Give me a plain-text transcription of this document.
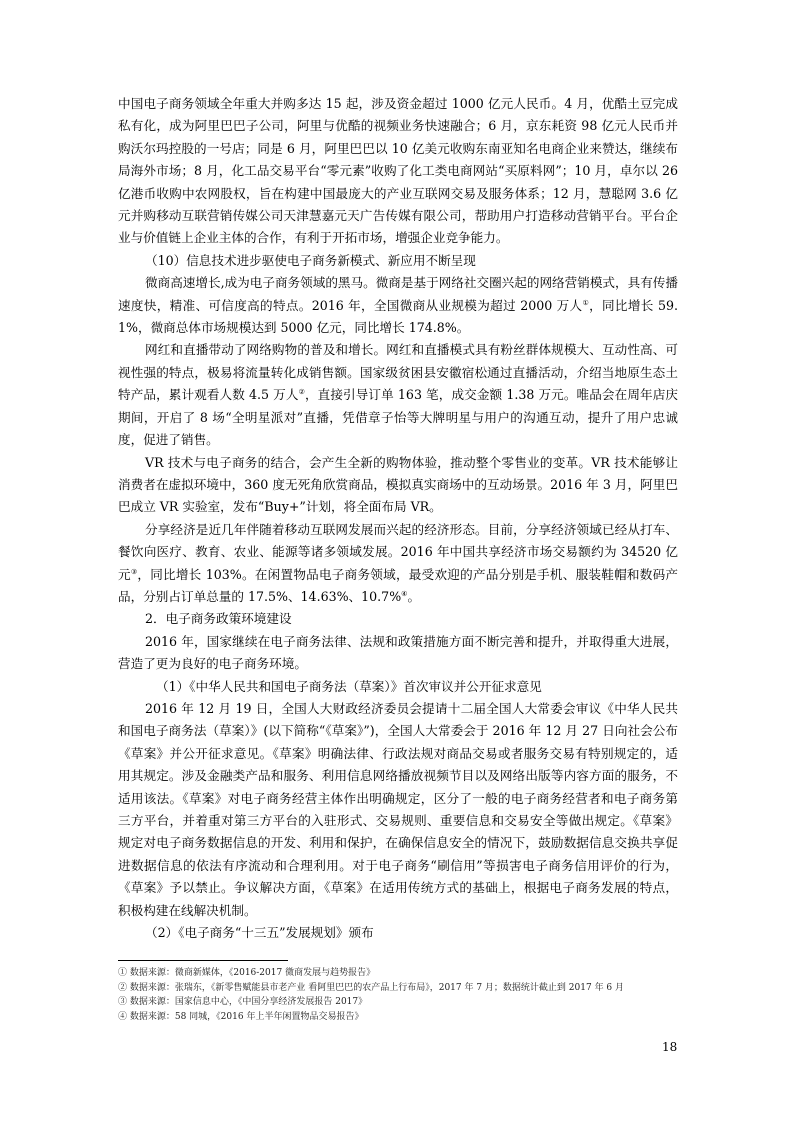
中国电子商务领域全年重大并购多达 15 起，涉及资金超过 1000 亿元人民币。4 月，优酷土豆完成私有化，成为阿里巴巴子公司，阿里与优酷的视频业务快速融合；6 月，京东耗资 98 亿元人民币并购沃尔玛控股的一号店；同是 6 月，阿里巴巴以 10 亿美元收购东南亚知名电商企业来赞达，继续布局海外市场；8 月，化工品交易平台“零元素”收购了化工类电商网站“买原料网”；10 月，卓尔以 26 亿港币收购中农网股权，旨在构建中国最庞大的产业互联网交易及服务体系；12 月，慧聪网 3.6 亿元并购移动互联营销传媒公司天津慧嘉元天广告传媒有限公司，帮助用户打造移动营销平台。平台企业与价值链上企业主体的合作，有利于开拓市场，增强企业竞争能力。

（10）信息技术进步驱使电子商务新模式、新应用不断呈现

微商高速增长,成为电子商务领域的黑马。微商是基于网络社交圈兴起的网络营销模式，具有传播速度快，精准、可信度高的特点。2016 年，全国微商从业规模为超过 2000 万人①，同比增长 59.1%，微商总体市场规模达到 5000 亿元，同比增长 174.8%。

网红和直播带动了网络购物的普及和增长。网红和直播模式具有粉丝群体规模大、互动性高、可视性强的特点，极易将流量转化成销售额。国家级贫困县安徽宿松通过直播活动，介绍当地原生态土特产品，累计观看人数 4.5 万人②，直接引导订单 163 笔，成交金额 1.38 万元。唯品会在周年店庆期间，开启了 8 场“全明星派对”直播，凭借章子怡等大牌明星与用户的沟通互动，提升了用户忠诚度，促进了销售。

VR 技术与电子商务的结合，会产生全新的购物体验，推动整个零售业的变革。VR 技术能够让消费者在虚拟环境中，360 度无死角欣赏商品，模拟真实商场中的互动场景。2016 年 3 月，阿里巴巴成立 VR 实验室，发布“Buy+”计划，将全面布局 VR。

分享经济是近几年伴随着移动互联网发展而兴起的经济形态。目前，分享经济领域已经从打车、餐饮向医疗、教育、农业、能源等诸多领域发展。2016 年中国共享经济市场交易额约为 34520 亿元③，同比增长 103%。在闲置物品电子商务领域，最受欢迎的产品分别是手机、服装鞋帽和数码产品，分别占订单总量的 17.5%、14.63%、10.7%④。

2．电子商务政策环境建设

2016 年，国家继续在电子商务法律、法规和政策措施方面不断完善和提升，并取得重大进展，营造了更为良好的电子商务环境。

（1）《中华人民共和国电子商务法（草案）》首次审议并公开征求意见

2016 年 12 月 19 日，全国人大财政经济委员会提请十二届全国人大常委会审议《中华人民共和国电子商务法（草案）》(以下简称“《草案》”)，全国人大常委会于 2016 年 12 月 27 日向社会公布《草案》并公开征求意见。《草案》明确法律、行政法规对商品交易或者服务交易有特别规定的，适用其规定。涉及金融类产品和服务、利用信息网络播放视频节目以及网络出版等内容方面的服务，不适用该法。《草案》对电子商务经营主体作出明确规定，区分了一般的电子商务经营者和电子商务第三方平台，并着重对第三方平台的入驻形式、交易规则、重要信息和交易安全等做出规定。《草案》规定对电子商务数据信息的开发、利用和保护，在确保信息安全的情况下，鼓励数据信息交换共享促进数据信息的依法有序流动和合理利用。对于电子商务“刷信用”等损害电子商务信用评价的行为，《草案》予以禁止。争议解决方面，《草案》在适用传统方式的基础上，根据电子商务发展的特点，积极构建在线解决机制。

（2）《电子商务“十三五”发展规划》颁布

① 数据来源：微商新媒体，《2016-2017 微商发展与趋势报告》
② 数据来源：张瑞东，《新零售赋能县市老产业 看阿里巴巴的农产品上行布局》，2017 年 7 月；数据统计截止到 2017 年 6 月
③ 数据来源：国家信息中心，《中国分享经济发展报告 2017》
④ 数据来源：58 同城，《2016 年上半年闲置物品交易报告》
18
